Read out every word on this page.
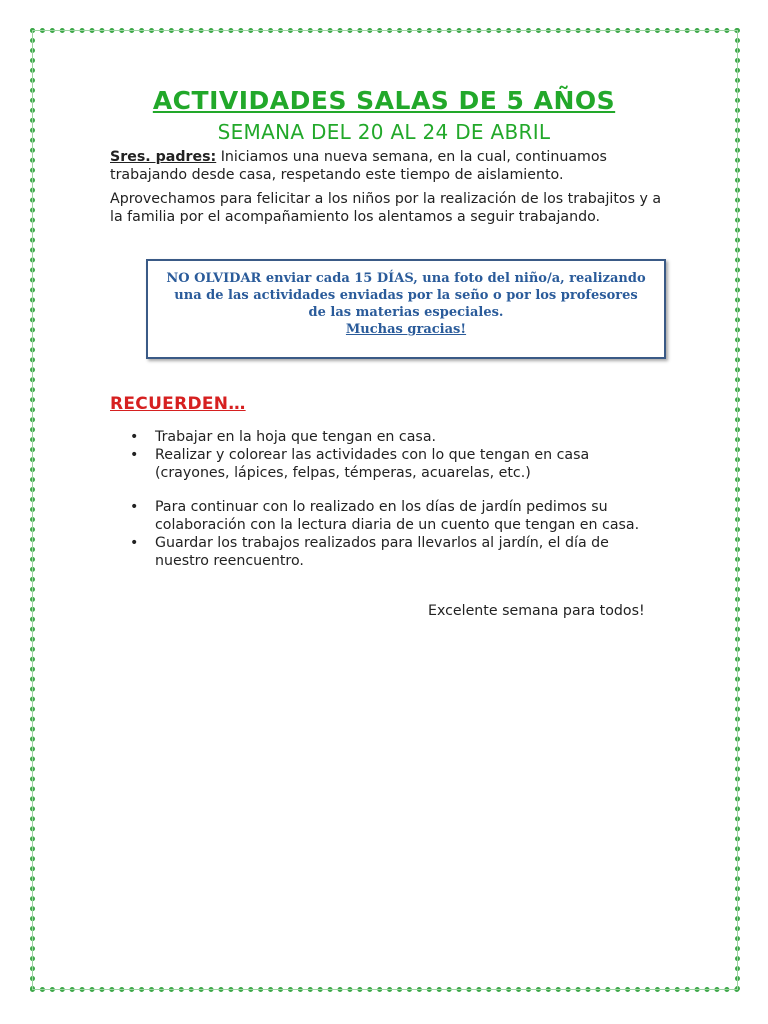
ACTIVIDADES SALAS DE 5 AÑOS
SEMANA DEL 20 AL 24 DE ABRIL
Sres. padres: Iniciamos una nueva semana, en la cual, continuamos trabajando desde casa, respetando este tiempo de aislamiento.
Aprovechamos para felicitar a los niños por la realización de los trabajitos y a la familia por el acompañamiento los alentamos a seguir trabajando.
NO OLVIDAR enviar cada 15 DÍAS, una foto del niño/a, realizando una de las actividades enviadas por la seño o por los profesores de las materias especiales.
Muchas gracias!
RECUERDEN…
• Trabajar en la hoja que tengan en casa.
• Realizar y colorear las actividades con lo que tengan en casa (crayones, lápices, felpas, témperas, acuarelas, etc.)
• Para continuar con lo realizado en los días de jardín pedimos su colaboración con la lectura diaria de un cuento que tengan en casa.
• Guardar los trabajos realizados para llevarlos al jardín, el día de nuestro reencuentro.
Excelente semana para todos!
